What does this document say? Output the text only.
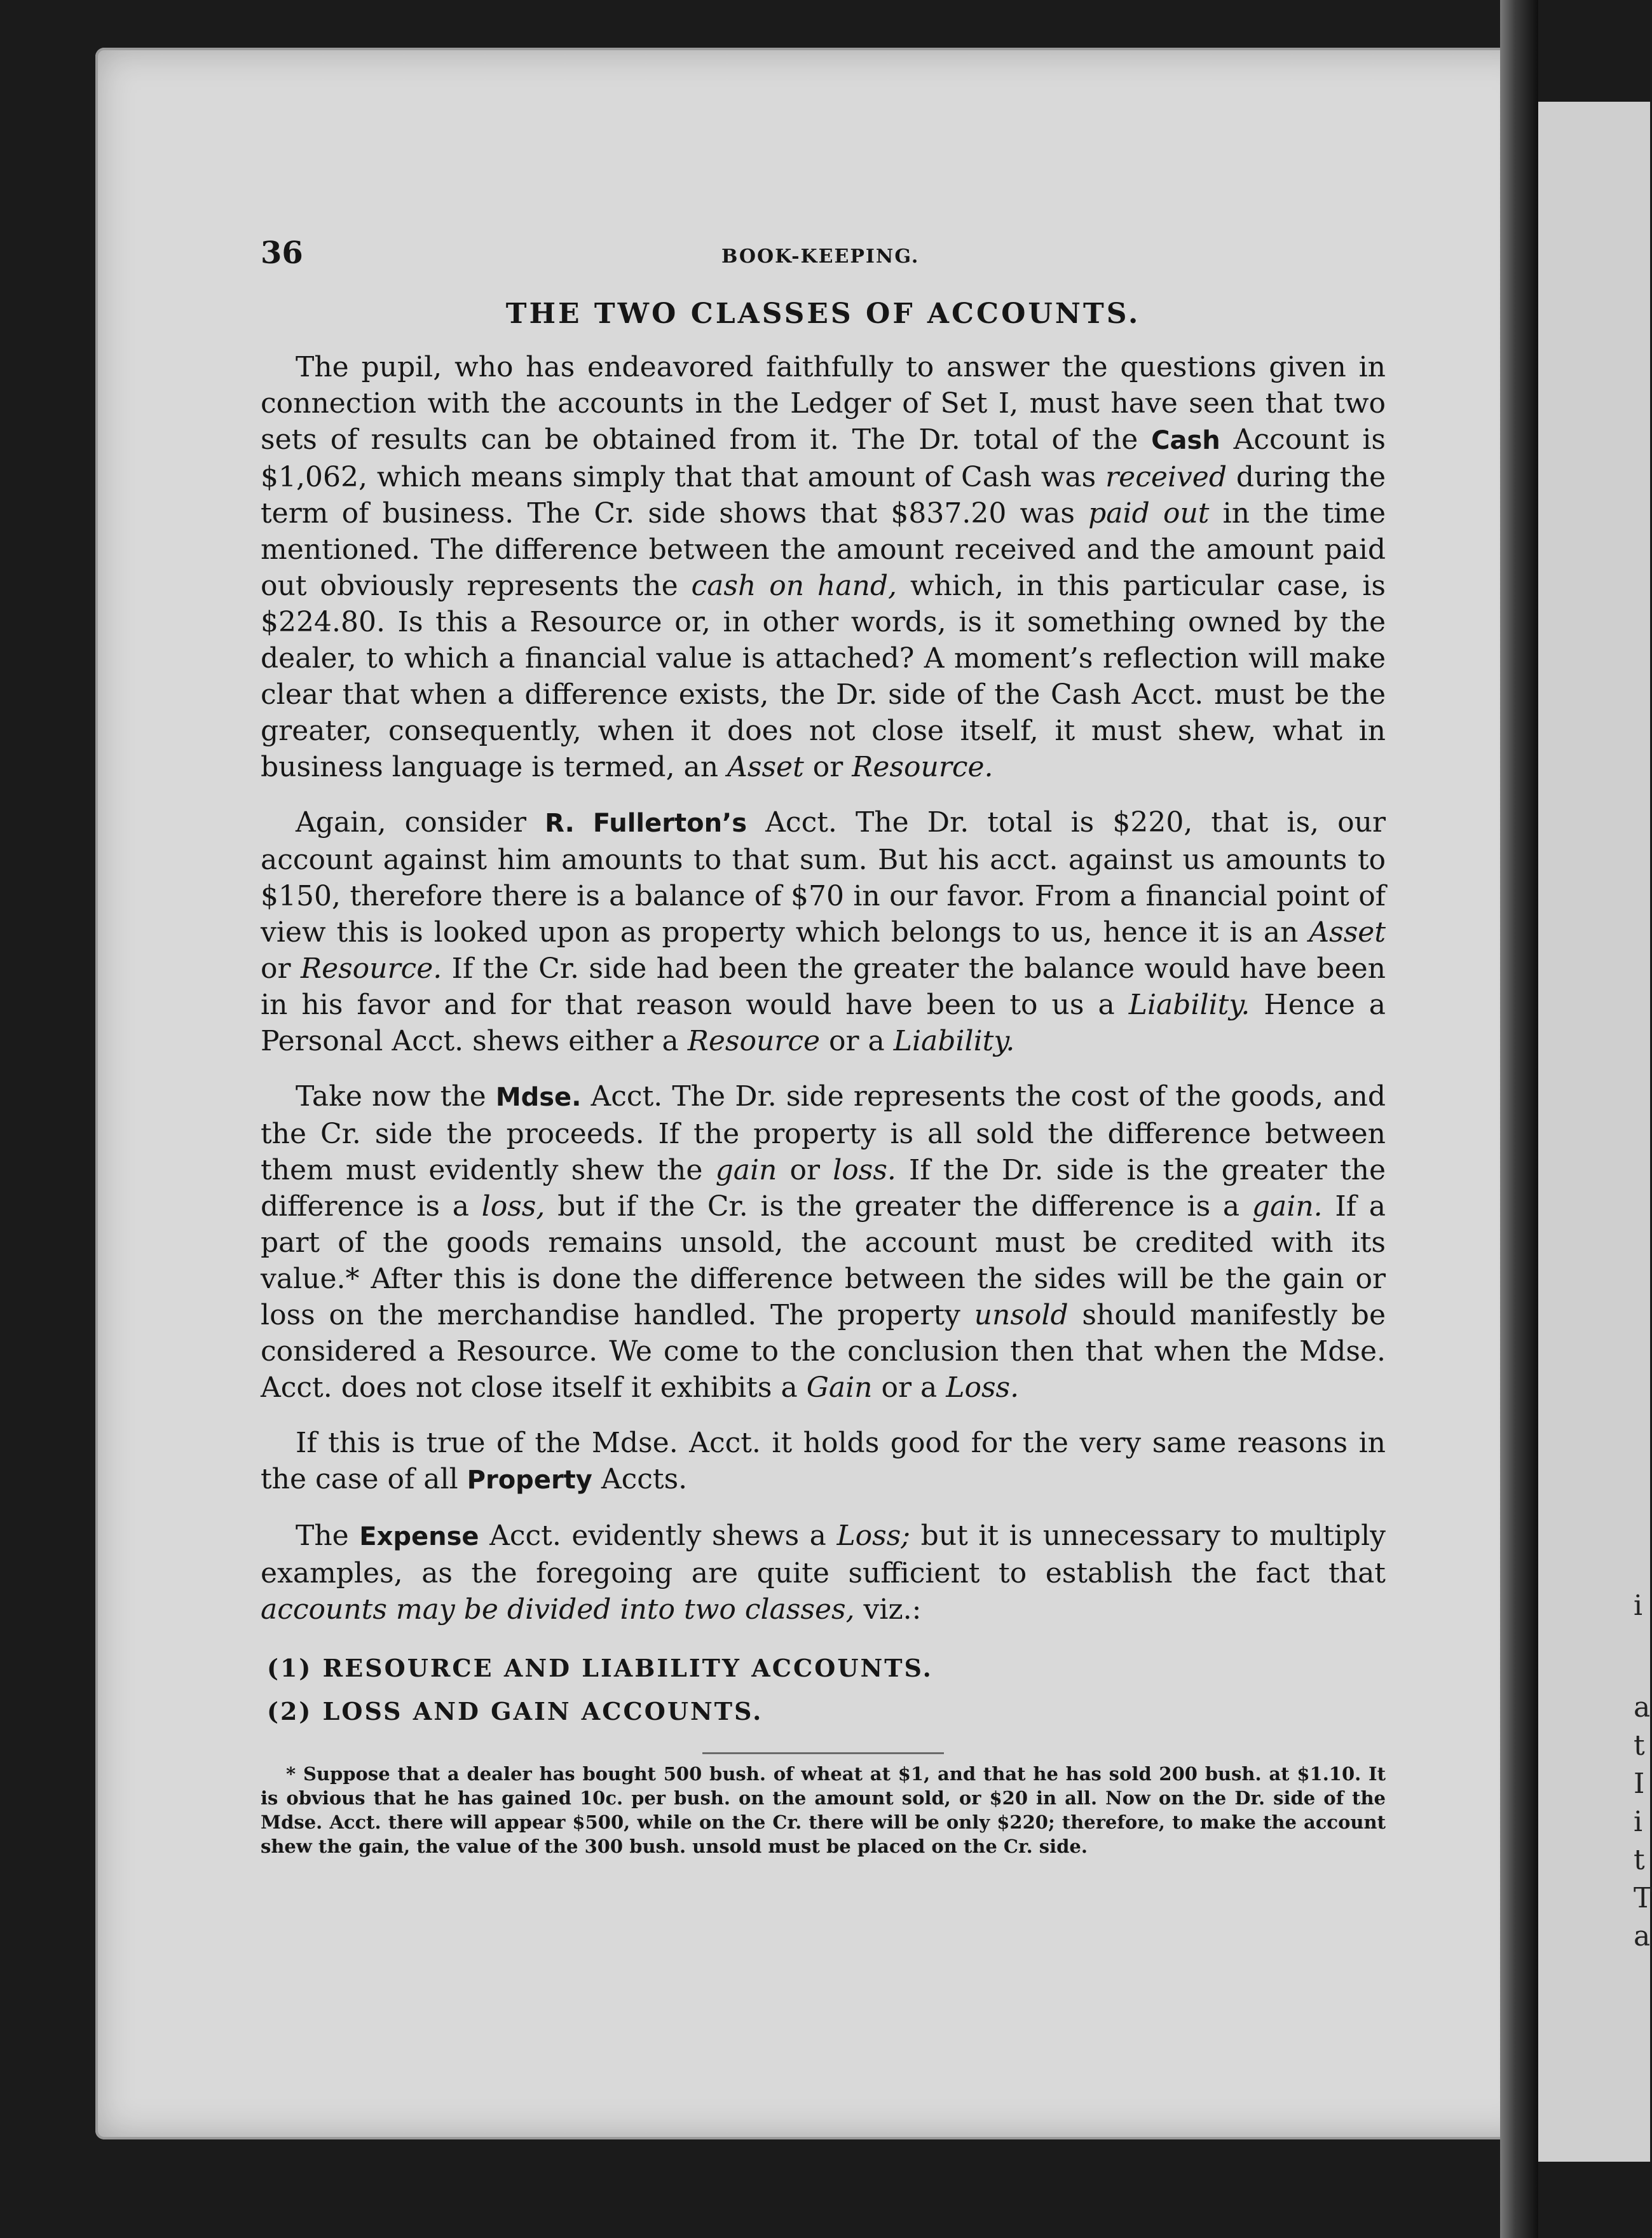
i
a
t
I
i
t
T
a
36	BOOK-KEEPING.
THE TWO CLASSES OF ACCOUNTS.

The pupil, who has endeavored faithfully to answer the questions given in connection with the accounts in the Ledger of Set I, must have seen that two sets of results can be obtained from it. The Dr. total of the Cash Account is $1,062, which means simply that that amount of Cash was received during the term of business. The Cr. side shows that $837.20 was paid out in the time mentioned. The difference between the amount received and the amount paid out obviously represents the cash on hand, which, in this particular case, is $224.80. Is this a Resource or, in other words, is it something owned by the dealer, to which a financial value is attached? A moment’s reflection will make clear that when a difference exists, the Dr. side of the Cash Acct. must be the greater, consequently, when it does not close itself, it must shew, what in business language is termed, an Asset or Resource.

Again, consider R. Fullerton’s Acct. The Dr. total is $220, that is, our account against him amounts to that sum. But his acct. against us amounts to $150, therefore there is a balance of $70 in our favor. From a financial point of view this is looked upon as property which belongs to us, hence it is an Asset or Resource. If the Cr. side had been the greater the balance would have been in his favor and for that reason would have been to us a Liability. Hence a Personal Acct. shews either a Resource or a Liability.

Take now the Mdse. Acct. The Dr. side represents the cost of the goods, and the Cr. side the proceeds. If the property is all sold the difference between them must evidently shew the gain or loss. If the Dr. side is the greater the difference is a loss, but if the Cr. is the greater the difference is a gain. If a part of the goods remains unsold, the account must be credited with its value.* After this is done the difference between the sides will be the gain or loss on the merchandise handled. The property unsold should manifestly be considered a Resource. We come to the conclusion then that when the Mdse. Acct. does not close itself it exhibits a Gain or a Loss.

If this is true of the Mdse. Acct. it holds good for the very same reasons in the case of all Property Accts.

The Expense Acct. evidently shews a Loss; but it is unnecessary to multiply examples, as the foregoing are quite sufficient to establish the fact that accounts may be divided into two classes, viz.:

(1) RESOURCE AND LIABILITY ACCOUNTS.
(2) LOSS AND GAIN ACCOUNTS.
* Suppose that a dealer has bought 500 bush. of wheat at $1, and that he has sold 200 bush. at $1.10. It is obvious that he has gained 10c. per bush. on the amount sold, or $20 in all. Now on the Dr. side of the Mdse. Acct. there will appear $500, while on the Cr. there will be only $220; therefore, to make the account shew the gain, the value of the 300 bush. unsold must be placed on the Cr. side.
